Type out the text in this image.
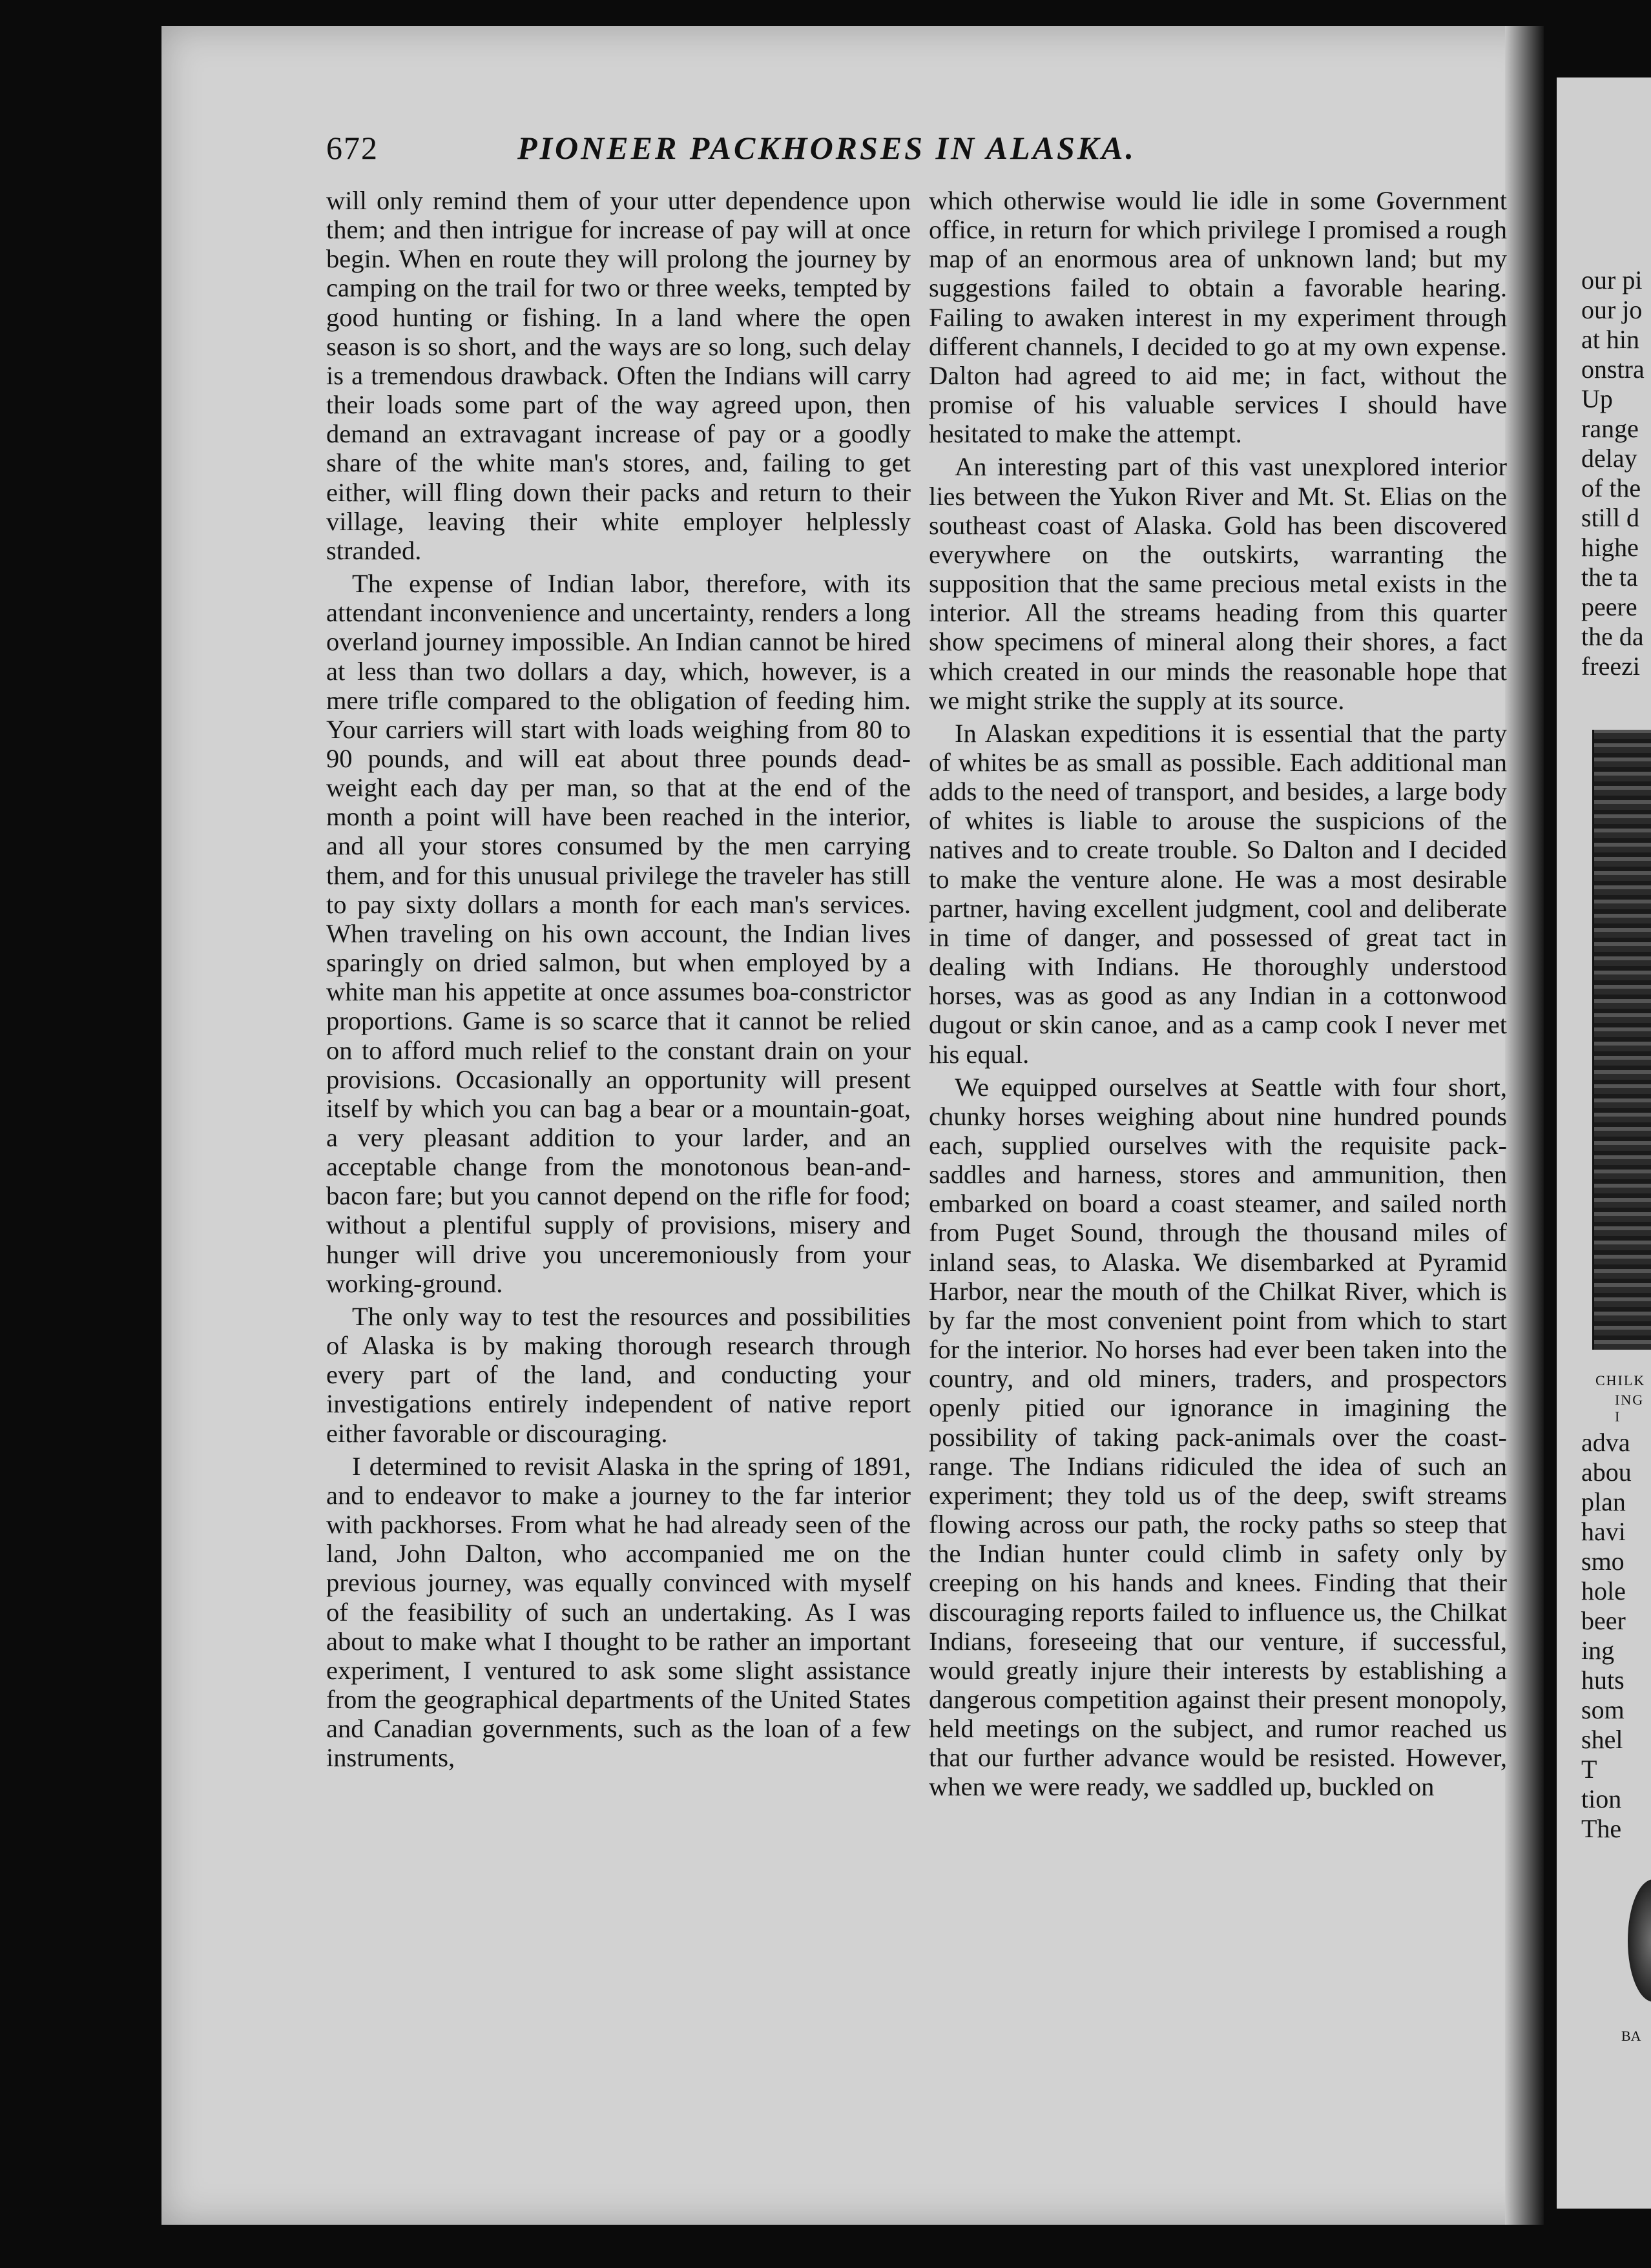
672	PIONEER PACKHORSES IN ALASKA.

will only remind them of your utter dependence upon them; and then intrigue for increase of pay will at once begin. When en route they will prolong the journey by camping on the trail for two or three weeks, tempted by good hunting or fishing. In a land where the open season is so short, and the ways are so long, such delay is a tremendous drawback. Often the Indians will carry their loads some part of the way agreed upon, then demand an extravagant increase of pay or a goodly share of the white man's stores, and, failing to get either, will fling down their packs and return to their village, leaving their white employer helplessly stranded.

The expense of Indian labor, therefore, with its attendant inconvenience and uncertainty, renders a long overland journey impossible. An Indian cannot be hired at less than two dollars a day, which, however, is a mere trifle compared to the obligation of feeding him. Your carriers will start with loads weighing from 80 to 90 pounds, and will eat about three pounds dead-weight each day per man, so that at the end of the month a point will have been reached in the interior, and all your stores consumed by the men carrying them, and for this unusual privilege the traveler has still to pay sixty dollars a month for each man's services. When traveling on his own account, the Indian lives sparingly on dried salmon, but when employed by a white man his appetite at once assumes boa-constrictor proportions. Game is so scarce that it cannot be relied on to afford much relief to the constant drain on your provisions. Occasionally an opportunity will present itself by which you can bag a bear or a mountain-goat, a very pleasant addition to your larder, and an acceptable change from the monotonous bean-and-bacon fare; but you cannot depend on the rifle for food; without a plentiful supply of provisions, misery and hunger will drive you unceremoniously from your working-ground.

The only way to test the resources and possibilities of Alaska is by making thorough research through every part of the land, and conducting your investigations entirely independent of native report either favorable or discouraging.

I determined to revisit Alaska in the spring of 1891, and to endeavor to make a journey to the far interior with packhorses. From what he had already seen of the land, John Dalton, who accompanied me on the previous journey, was equally convinced with myself of the feasibility of such an undertaking. As I was about to make what I thought to be rather an important experiment, I ventured to ask some slight assistance from the geographical departments of the United States and Canadian governments, such as the loan of a few instruments,

which otherwise would lie idle in some Government office, in return for which privilege I promised a rough map of an enormous area of unknown land; but my suggestions failed to obtain a favorable hearing. Failing to awaken interest in my experiment through different channels, I decided to go at my own expense. Dalton had agreed to aid me; in fact, without the promise of his valuable services I should have hesitated to make the attempt.

An interesting part of this vast unexplored interior lies between the Yukon River and Mt. St. Elias on the southeast coast of Alaska. Gold has been discovered everywhere on the outskirts, warranting the supposition that the same precious metal exists in the interior. All the streams heading from this quarter show specimens of mineral along their shores, a fact which created in our minds the reasonable hope that we might strike the supply at its source.

In Alaskan expeditions it is essential that the party of whites be as small as possible. Each additional man adds to the need of transport, and besides, a large body of whites is liable to arouse the suspicions of the natives and to create trouble. So Dalton and I decided to make the venture alone. He was a most desirable partner, having excellent judgment, cool and deliberate in time of danger, and possessed of great tact in dealing with Indians. He thoroughly understood horses, was as good as any Indian in a cottonwood dugout or skin canoe, and as a camp cook I never met his equal.

We equipped ourselves at Seattle with four short, chunky horses weighing about nine hundred pounds each, supplied ourselves with the requisite pack-saddles and harness, stores and ammunition, then embarked on board a coast steamer, and sailed north from Puget Sound, through the thousand miles of inland seas, to Alaska. We disembarked at Pyramid Harbor, near the mouth of the Chilkat River, which is by far the most convenient point from which to start for the interior. No horses had ever been taken into the country, and old miners, traders, and prospectors openly pitied our ignorance in imagining the possibility of taking pack-animals over the coast-range. The Indians ridiculed the idea of such an experiment; they told us of the deep, swift streams flowing across our path, the rocky paths so steep that the Indian hunter could climb in safety only by creeping on his hands and knees. Finding that their discouraging reports failed to influence us, the Chilkat Indians, foreseeing that our venture, if successful, would greatly injure their interests by establishing a dangerous competition against their present monopoly, held meetings on the subject, and rumor reached us that our further advance would be resisted. However, when we were ready, we saddled up, buckled on

our pi
our jo
at hin
onstra
Up
range
delay
of the
still d
highe
the ta
peere
the da
freezi
CHILK
ING I
adva
abou
plan
havi
smo
hole
beer
ing
huts
som
shel
T
tion
The
BA
